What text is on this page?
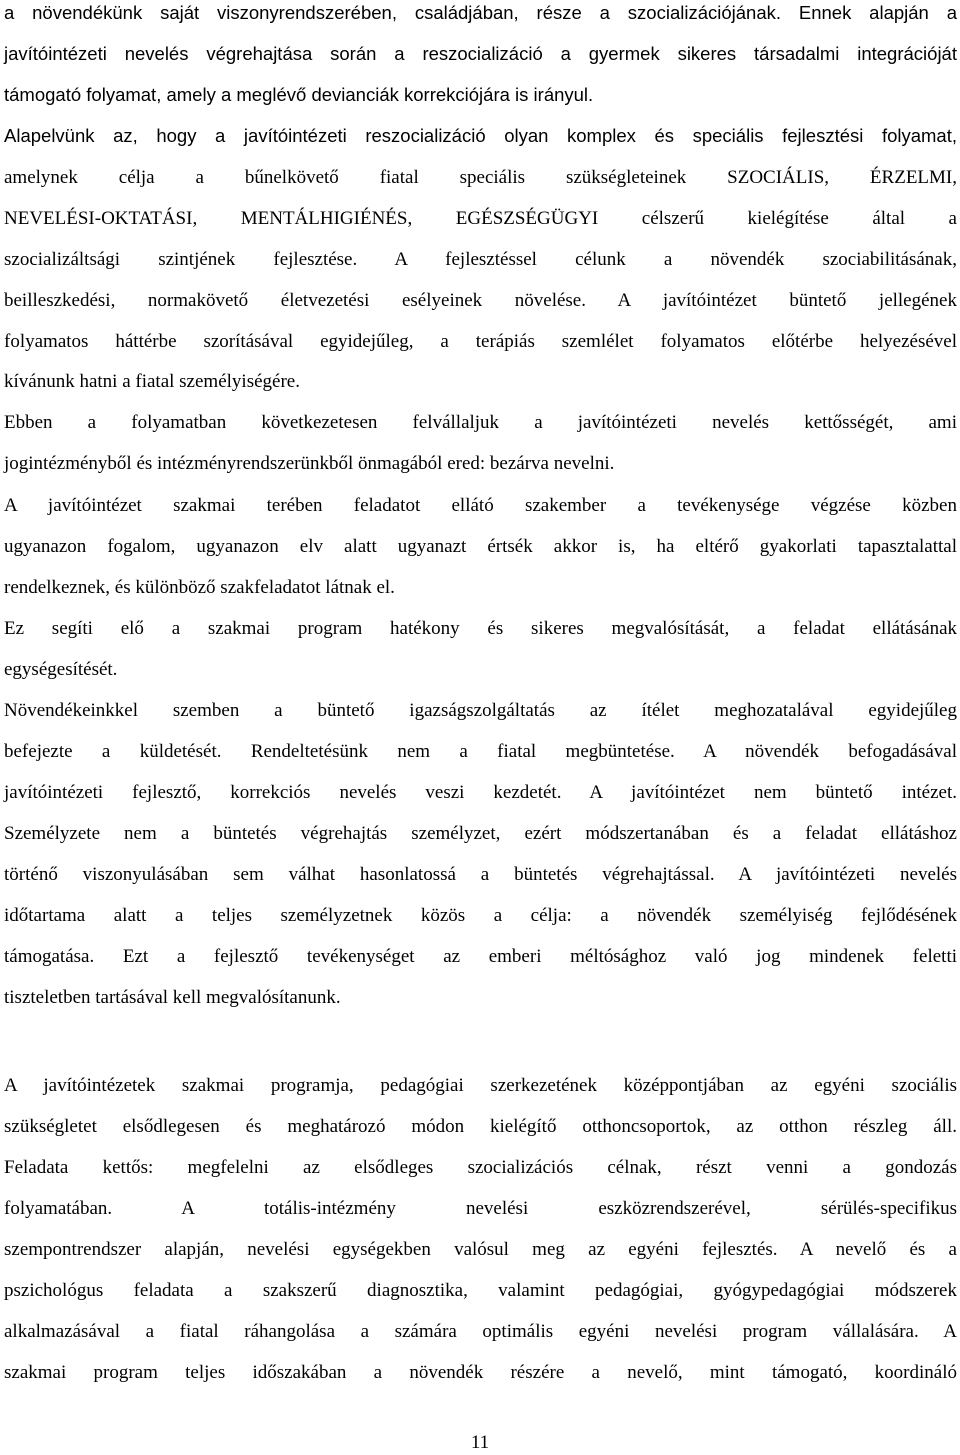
a növendékünk saját viszonyrendszerében, családjában, része a szocializációjának. Ennek alapján a
javítóintézeti nevelés végrehajtása során a reszocializáció a gyermek sikeres társadalmi integrációját
támogató folyamat, amely a meglévő devianciák korrekciójára is irányul.
Alapelvünk az, hogy a javítóintézeti reszocializáció olyan komplex és speciális fejlesztési folyamat,
amelynek célja a bűnelkövető fiatal speciális szükségleteinek SZOCIÁLIS, ÉRZELMI,
NEVELÉSI-OKTATÁSI, MENTÁLHIGIÉNÉS, EGÉSZSÉGÜGYI célszerű kielégítése által a
szocializáltsági szintjének fejlesztése. A fejlesztéssel célunk a növendék szociabilitásának,
beilleszkedési, normakövető életvezetési esélyeinek növelése. A javítóintézet büntető jellegének
folyamatos háttérbe szorításával egyidejűleg, a terápiás szemlélet folyamatos előtérbe helyezésével
kívánunk hatni a fiatal személyiségére.
Ebben a folyamatban következetesen felvállaljuk a javítóintézeti nevelés kettősségét, ami
jogintézményből és intézményrendszerünkből önmagából ered: bezárva nevelni.
A javítóintézet szakmai terében feladatot ellátó szakember a tevékenysége végzése közben
ugyanazon fogalom, ugyanazon elv alatt ugyanazt értsék akkor is, ha eltérő gyakorlati tapasztalattal
rendelkeznek, és különböző szakfeladatot látnak el.
Ez segíti elő a szakmai program hatékony és sikeres megvalósítását, a feladat ellátásának
egységesítését.
Növendékeinkkel szemben a büntető igazságszolgáltatás az ítélet meghozatalával egyidejűleg
befejezte a küldetését. Rendeltetésünk nem a fiatal megbüntetése. A növendék befogadásával
javítóintézeti fejlesztő, korrekciós nevelés veszi kezdetét. A javítóintézet nem büntető intézet.
Személyzete nem a büntetés végrehajtás személyzet, ezért módszertanában és a feladat ellátáshoz
történő viszonyulásában sem válhat hasonlatossá a büntetés végrehajtással. A javítóintézeti nevelés
időtartama alatt a teljes személyzetnek közös a célja: a növendék személyiség fejlődésének
támogatása. Ezt a fejlesztő tevékenységet az emberi méltósághoz való jog mindenek feletti
tiszteletben tartásával kell megvalósítanunk.
A javítóintézetek szakmai programja, pedagógiai szerkezetének középpontjában az egyéni szociális
szükségletet elsődlegesen és meghatározó módon kielégítő otthoncsoportok, az otthon részleg áll.
Feladata kettős: megfelelni az elsődleges szocializációs célnak, részt venni a gondozás
folyamatában. A totális-intézmény nevelési eszközrendszerével, sérülés-specifikus
szempontrendszer alapján, nevelési egységekben valósul meg az egyéni fejlesztés. A nevelő és a
pszichológus feladata a szakszerű diagnosztika, valamint pedagógiai, gyógypedagógiai módszerek
alkalmazásával a fiatal ráhangolása a számára optimális egyéni nevelési program vállalására. A
szakmai program teljes időszakában a növendék részére a nevelő, mint támogató, koordináló
11
